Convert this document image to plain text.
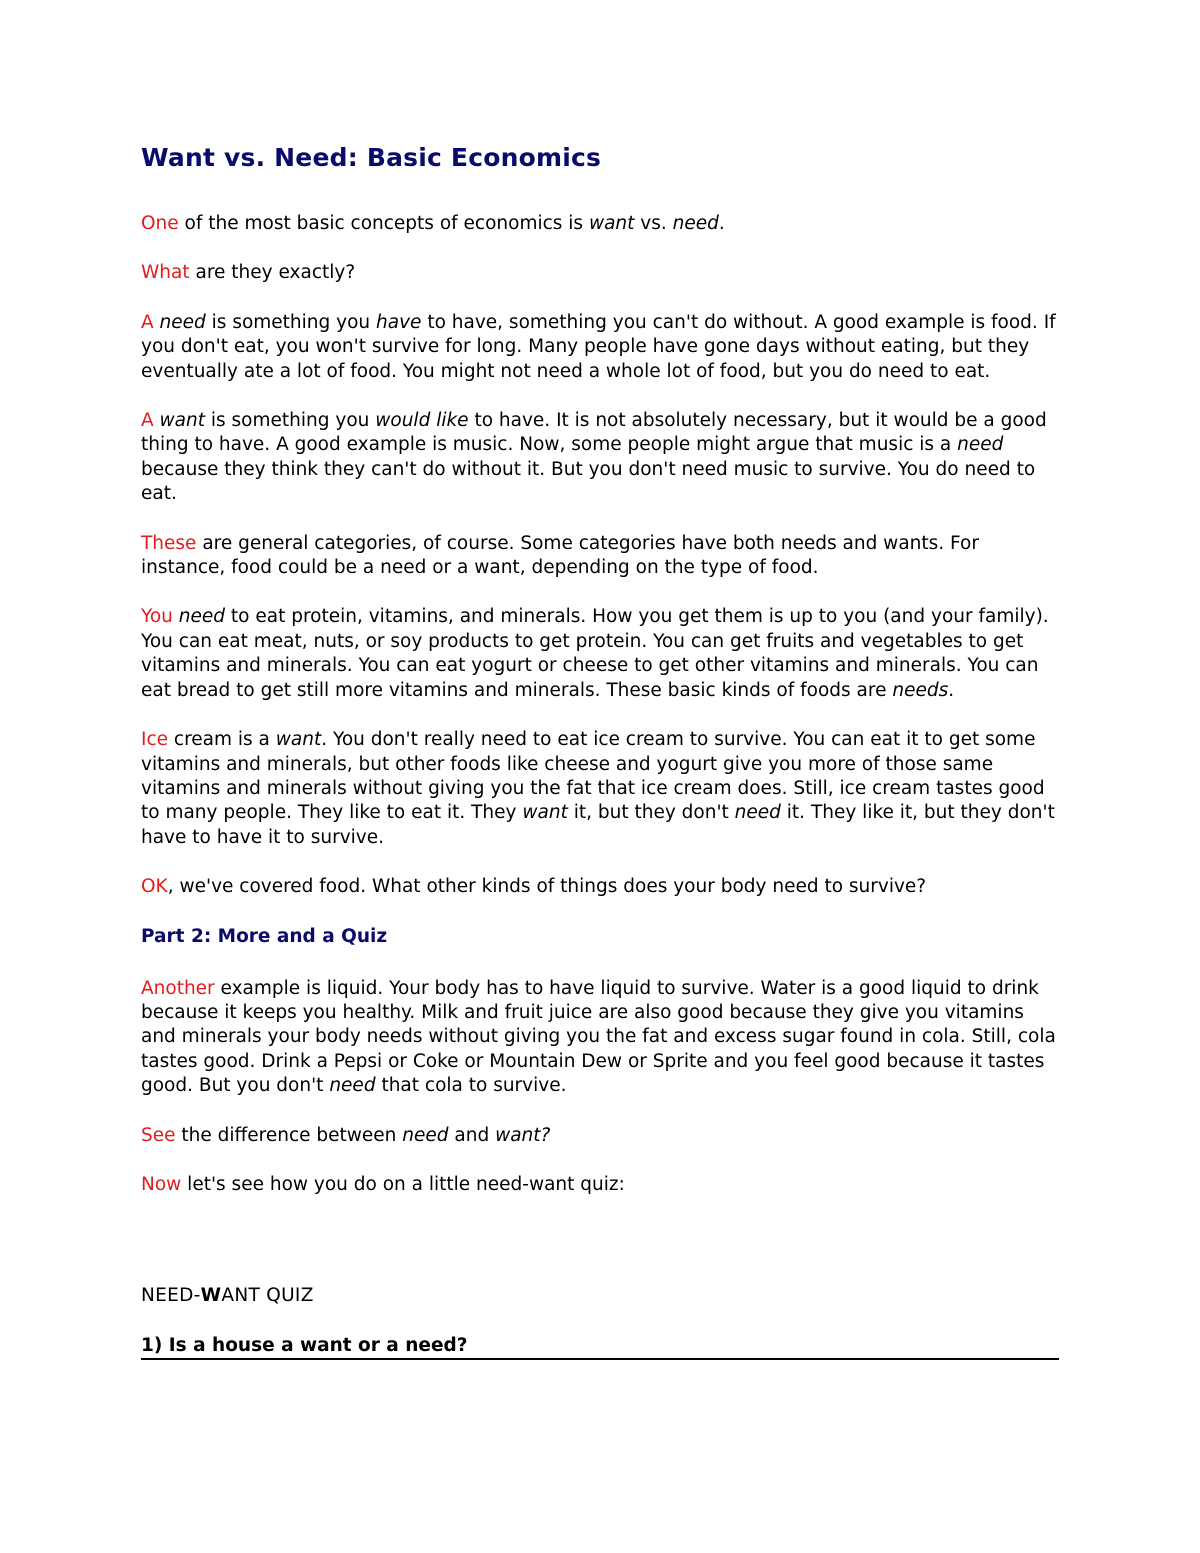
Want vs. Need: Basic Economics

One of the most basic concepts of economics is want vs. need.

What are they exactly?

A need is something you have to have, something you can't do without. A good example is food. If you don't eat, you won't survive for long. Many people have gone days without eating, but they eventually ate a lot of food. You might not need a whole lot of food, but you do need to eat.

A want is something you would like to have. It is not absolutely necessary, but it would be a good thing to have. A good example is music. Now, some people might argue that music is a need because they think they can't do without it. But you don't need music to survive. You do need to eat.

These are general categories, of course. Some categories have both needs and wants. For instance, food could be a need or a want, depending on the type of food.

You need to eat protein, vitamins, and minerals. How you get them is up to you (and your family). You can eat meat, nuts, or soy products to get protein. You can get fruits and vegetables to get vitamins and minerals. You can eat yogurt or cheese to get other vitamins and minerals. You can eat bread to get still more vitamins and minerals. These basic kinds of foods are needs.

Ice cream is a want. You don't really need to eat ice cream to survive. You can eat it to get some vitamins and minerals, but other foods like cheese and yogurt give you more of those same vitamins and minerals without giving you the fat that ice cream does. Still, ice cream tastes good to many people. They like to eat it. They want it, but they don't need it. They like it, but they don't have to have it to survive.

OK, we've covered food. What other kinds of things does your body need to survive?

Part 2: More and a Quiz

Another example is liquid. Your body has to have liquid to survive. Water is a good liquid to drink because it keeps you healthy. Milk and fruit juice are also good because they give you vitamins and minerals your body needs without giving you the fat and excess sugar found in cola. Still, cola tastes good. Drink a Pepsi or Coke or Mountain Dew or Sprite and you feel good because it tastes good. But you don't need that cola to survive.

See the difference between need and want?

Now let's see how you do on a little need-want quiz:

NEED-WANT QUIZ
1) Is a house a want or a need?
